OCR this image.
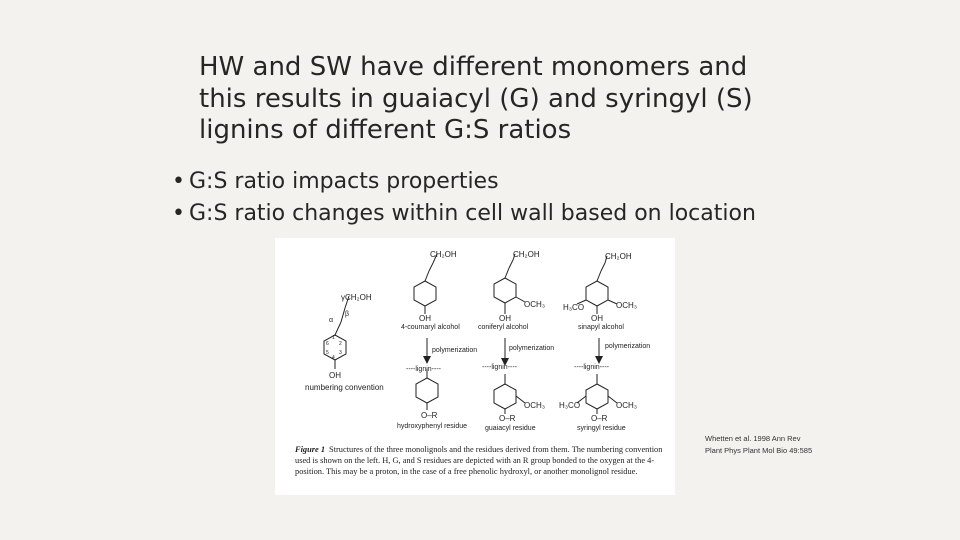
HW and SW have different monomers and
this results in guaiacyl (G) and syringyl (S)
lignins of different G:S ratios
• G:S ratio impacts properties
• G:S ratio changes within cell wall based on location
γCH₂OH
β
α
1
2
3
4
5
6
OH
numbering convention
CH₂OH
OH
4-coumaryl alcohol
CH₂OH
OCH₃
OH
coniferyl alcohol
CH₂OH
OCH₃
H₃CO
OH
sinapyl alcohol
polymerization	polymerization	polymerization
----lignin----	----lignin----	----lignin----
O–R
hydroxyphenyl residue
OCH₃
O–R
guaiacyl residue
OCH₃
H₃CO
O–R
syringyl residue
Figure 1 Structures of the three monolignols and the residues derived from them. The numbering convention used is shown on the left. H, G, and S residues are depicted with an R group bonded to the oxygen at the 4-position. This may be a proton, in the case of a free phenolic hydroxyl, or another monolignol residue.
Whetten et al. 1998 Ann Rev Plant Phys Plant Mol Bio 49:585
